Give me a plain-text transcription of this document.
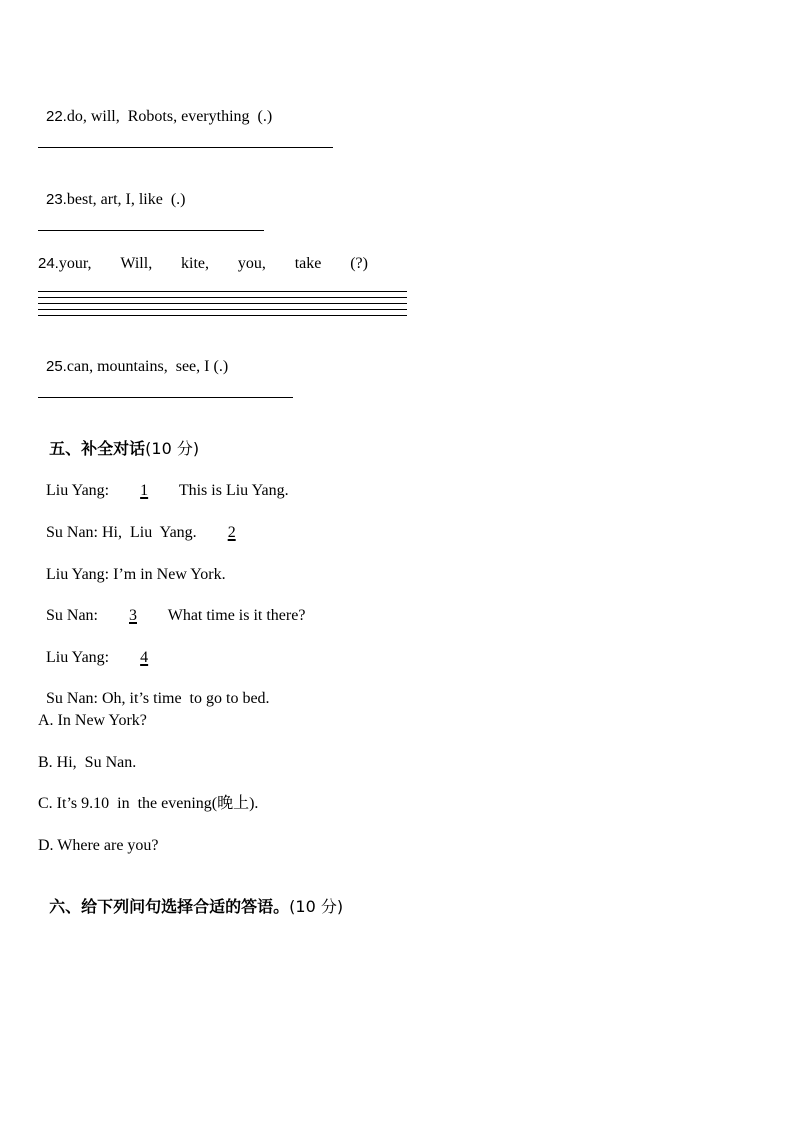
22.do, will,  Robots, everything  (.)

23.best, art, I, like  (.)

24.your, Will, kite, you, take (?)

25.can, mountains,  see, I (.)

五、补全对话(10 分)

Liu Yang: 1 This is Liu Yang.

Su Nan: Hi,  Liu  Yang. 2

Liu Yang: I’m in New York.

Su Nan: 3 What time is it there?

Liu Yang: 4

Su Nan: Oh, it’s time  to go to bed.

A. In New York?
B. Hi,  Su Nan.
C. It’s 9.10  in  the evening(晚上).
D. Where are you?

六、给下列问句选择合适的答语。(10 分)
